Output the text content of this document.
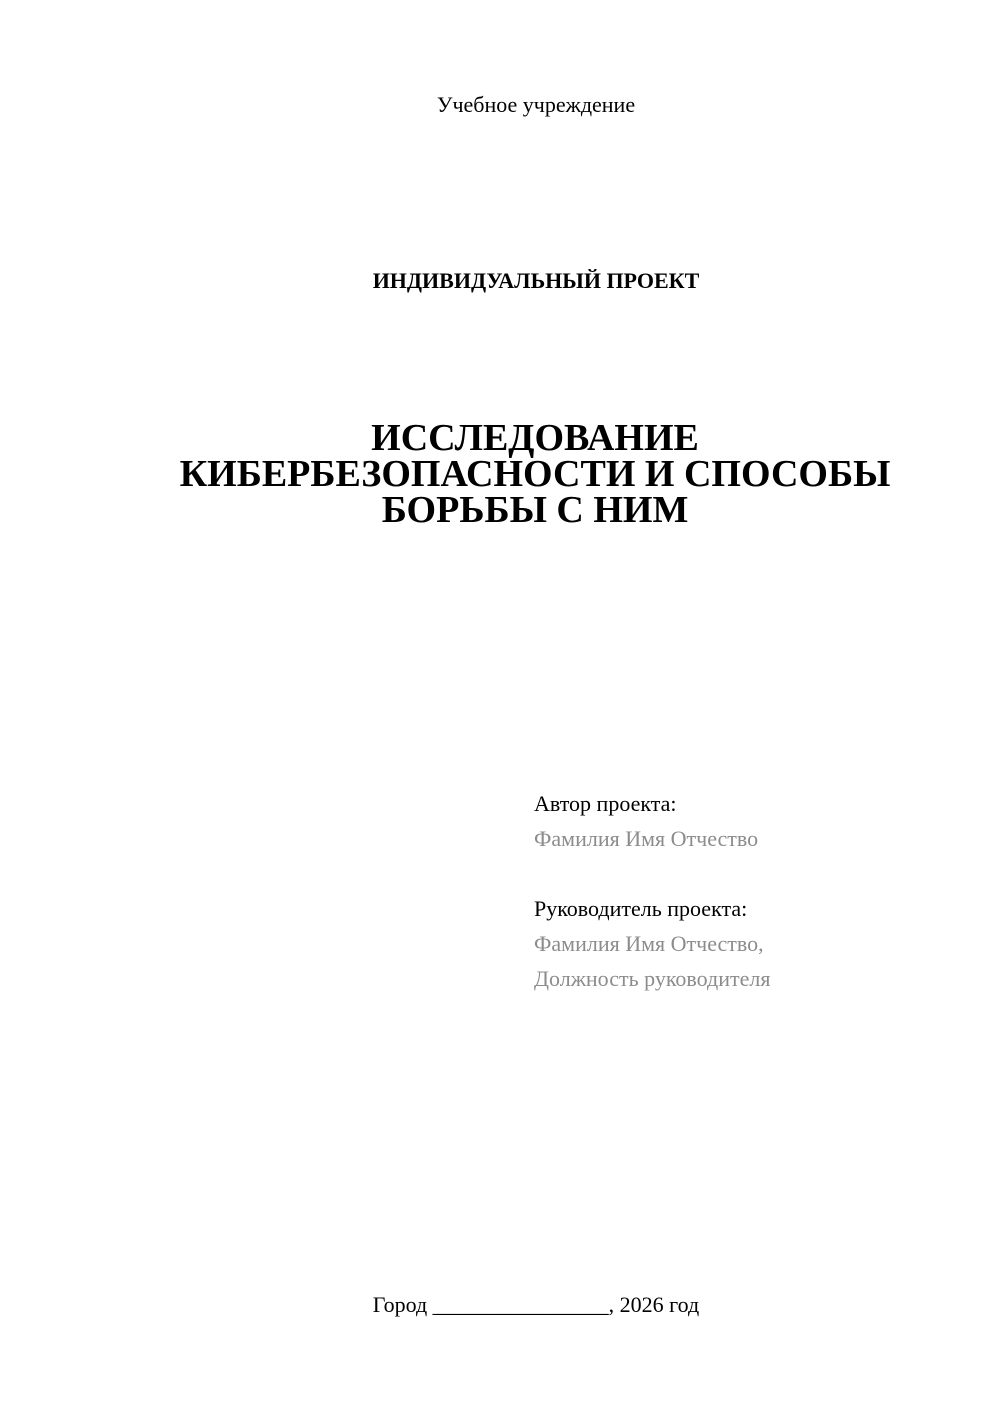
Учебное учреждение
ИНДИВИДУАЛЬНЫЙ ПРОЕКТ
ИССЛЕДОВАНИЕ
КИБЕРБЕЗОПАСНОСТИ И СПОСОБЫ
БОРЬБЫ С НИМ
Автор проекта:
Фамилия Имя Отчество
Руководитель проекта:
Фамилия Имя Отчество,
Должность руководителя
Город ________________, 2026 год
